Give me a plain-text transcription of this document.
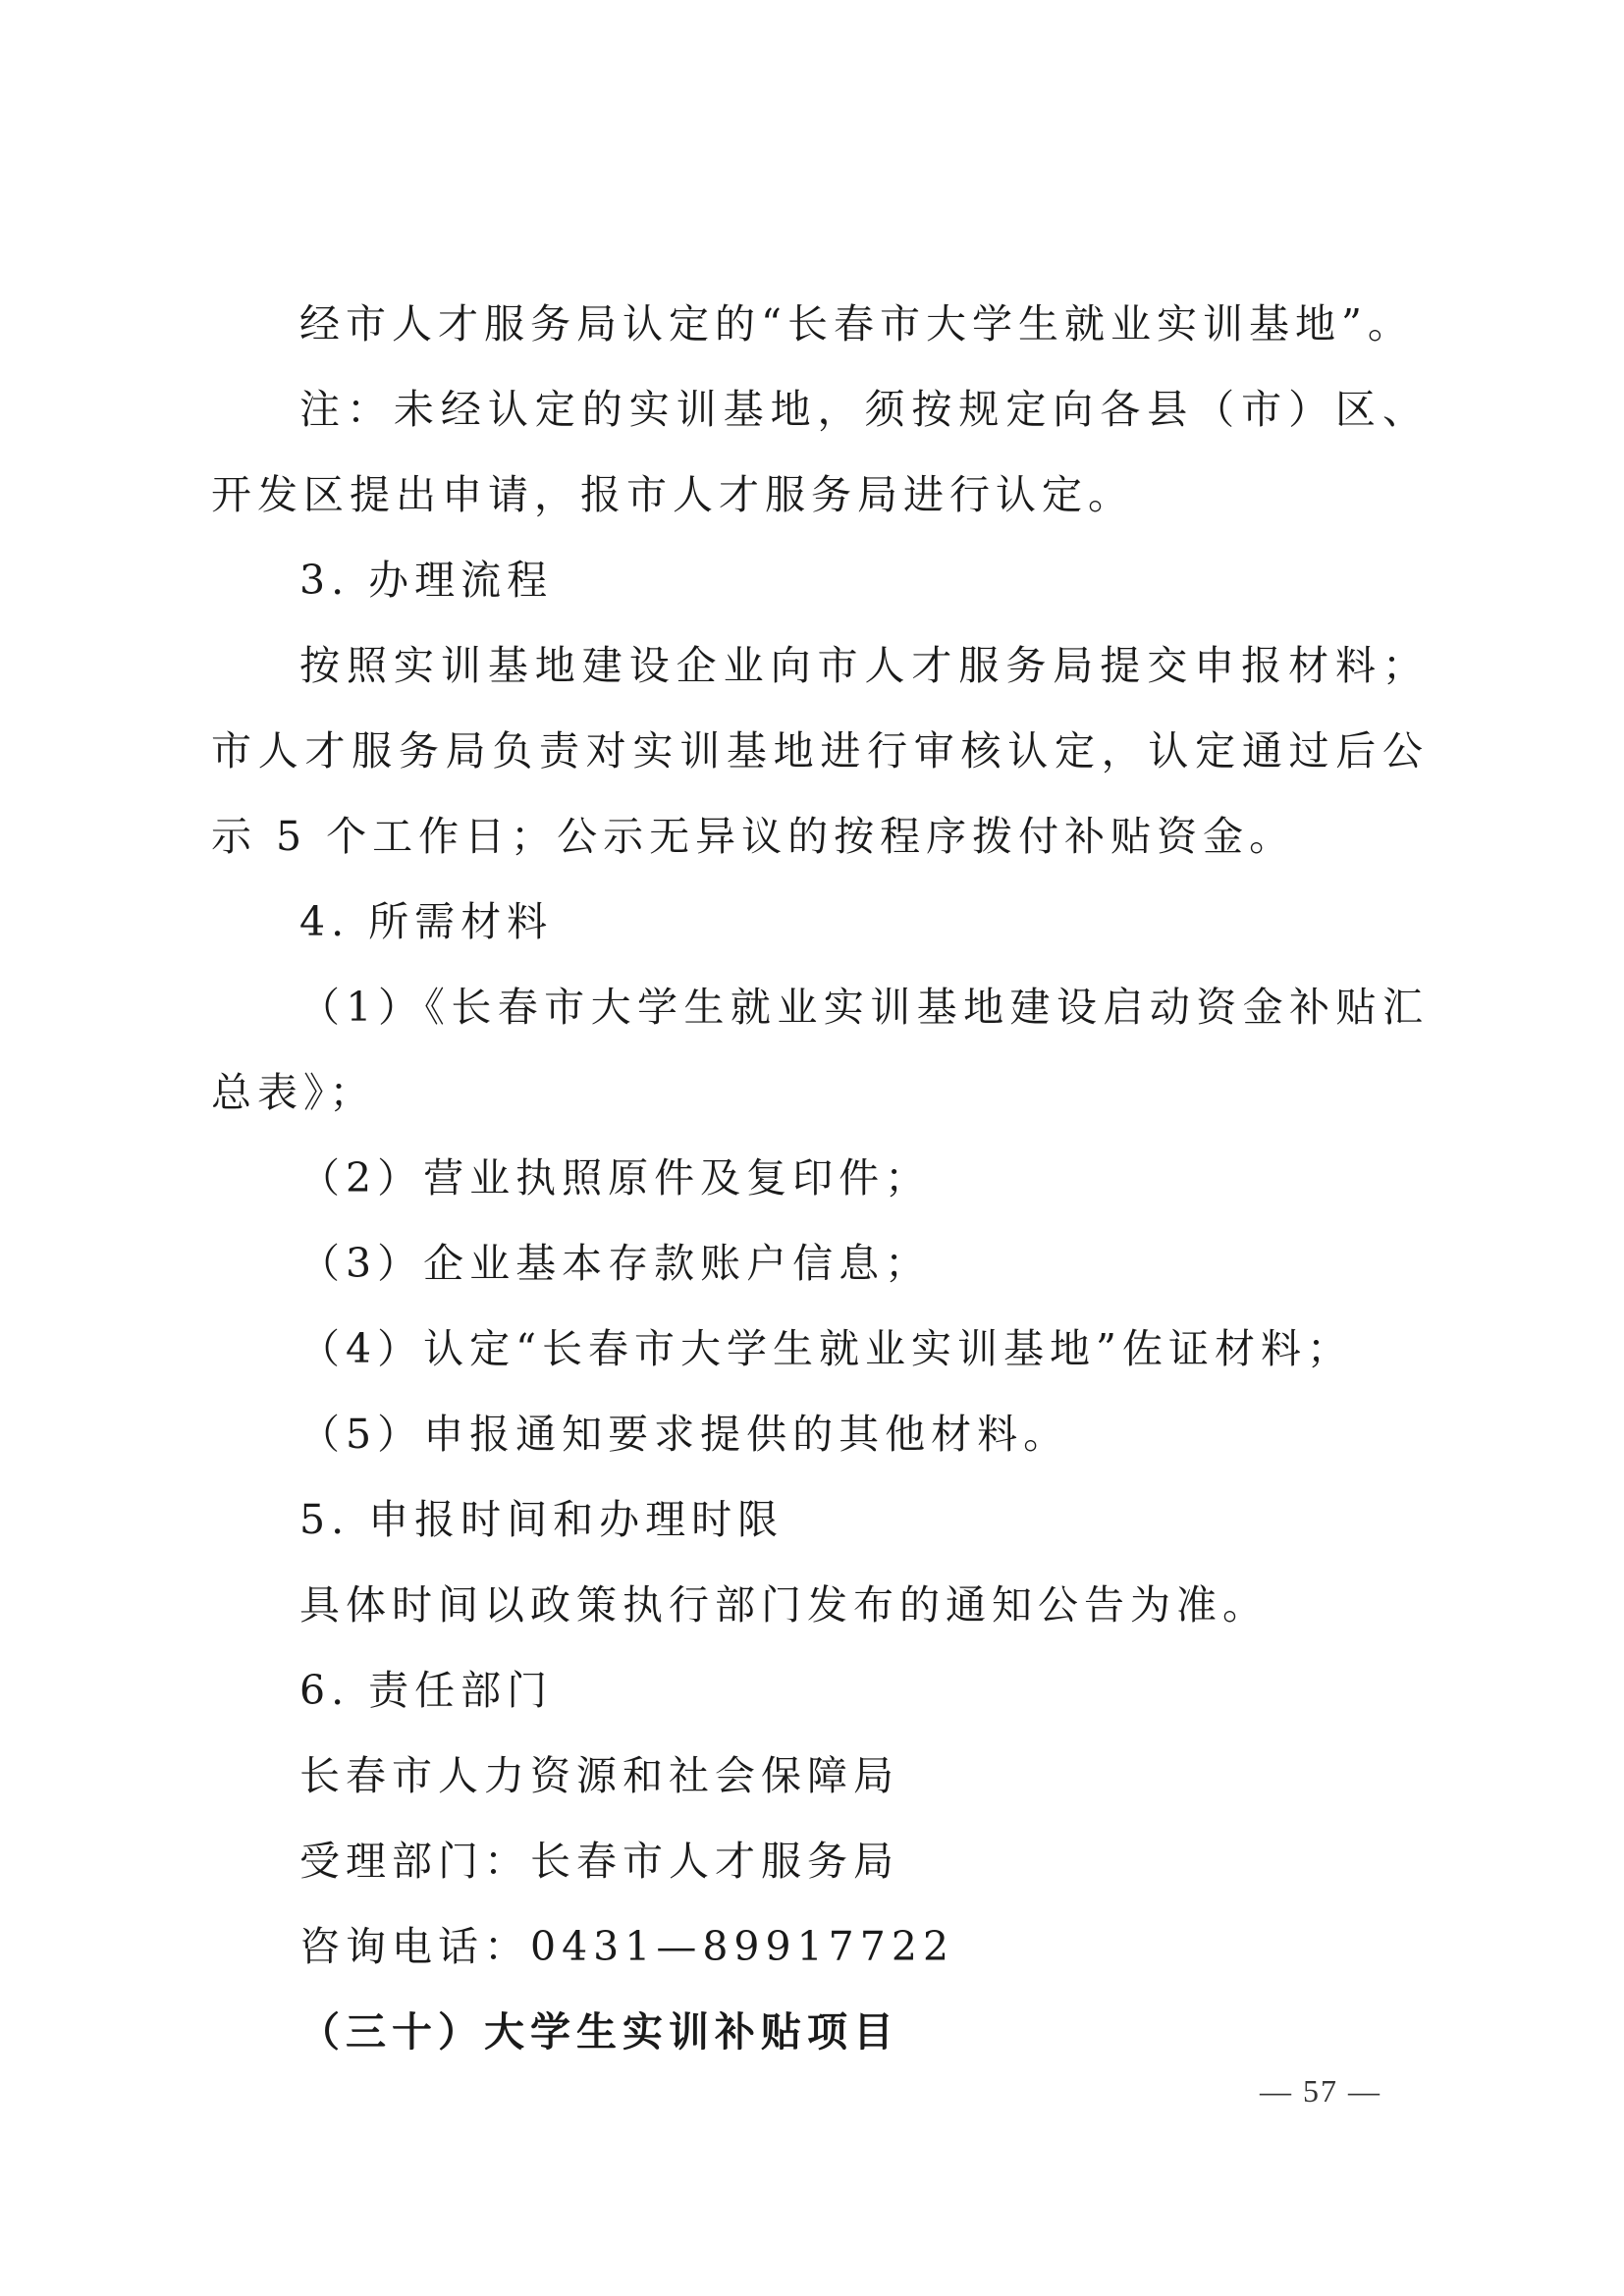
经市人才服务局认定的“长春市大学生就业实训基地”。
注：未经认定的实训基地，须按规定向各县（市）区、
开发区提出申请，报市人才服务局进行认定。
3. 办理流程
按照实训基地建设企业向市人才服务局提交申报材料；
市人才服务局负责对实训基地进行审核认定，认定通过后公
示 5 个工作日；公示无异议的按程序拨付补贴资金。
4. 所需材料
（1）《长春市大学生就业实训基地建设启动资金补贴汇
总表》；
（2）营业执照原件及复印件；
（3）企业基本存款账户信息；
（4）认定“长春市大学生就业实训基地”佐证材料；
（5）申报通知要求提供的其他材料。
5. 申报时间和办理时限
具体时间以政策执行部门发布的通知公告为准。
6. 责任部门
长春市人力资源和社会保障局
受理部门：长春市人才服务局
咨询电话：0431—89917722
（三十）大学生实训补贴项目
— 57 —
